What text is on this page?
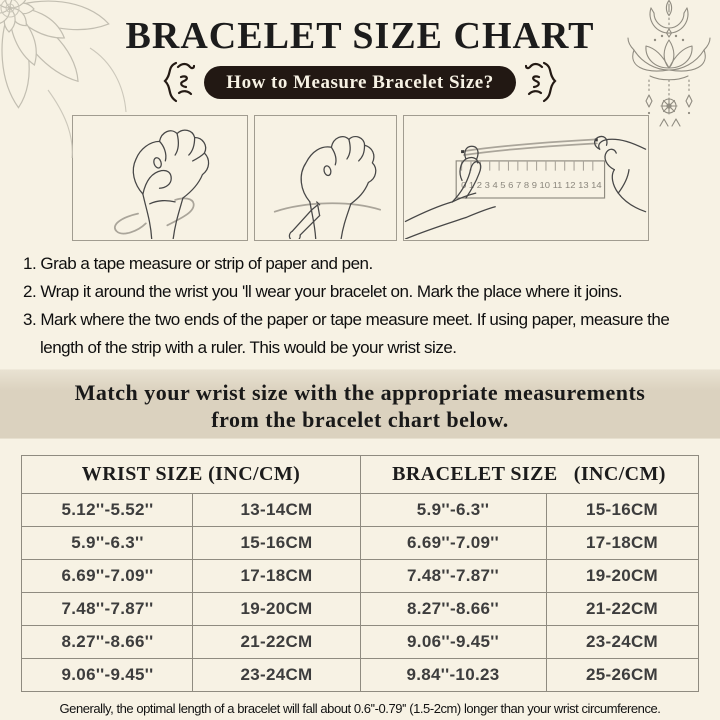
BRACELET SIZE CHART
How to Measure Bracelet Size?
0 1 2 3 4 5 6 7 8 9 10 11 12 13 14
1. Grab a tape measure or strip of paper and pen.
2. Wrap it around the wrist you 'll wear your bracelet on. Mark the place where it joins.
3. Mark where the two ends of the paper or tape measure meet. If using paper, measure the length of the strip with a ruler. This would be your wrist size.
Match your wrist size with the appropriate measurements
from the bracelet chart below.
WRIST SIZE (INC/CM)		BRACELET SIZE   (INC/CM)	
5.12''-5.52''	13-14CM	5.9''-6.3''	15-16CM
5.9''-6.3''	15-16CM	6.69''-7.09''	17-18CM
6.69''-7.09''	17-18CM	7.48''-7.87''	19-20CM
7.48''-7.87''	19-20CM	8.27''-8.66''	21-22CM
8.27''-8.66''	21-22CM	9.06''-9.45''	23-24CM
9.06''-9.45''	23-24CM	9.84''-10.23	25-26CM

Generally, the optimal length of a bracelet will fall about 0.6''-0.79'' (1.5-2cm) longer than your wrist circumference.
